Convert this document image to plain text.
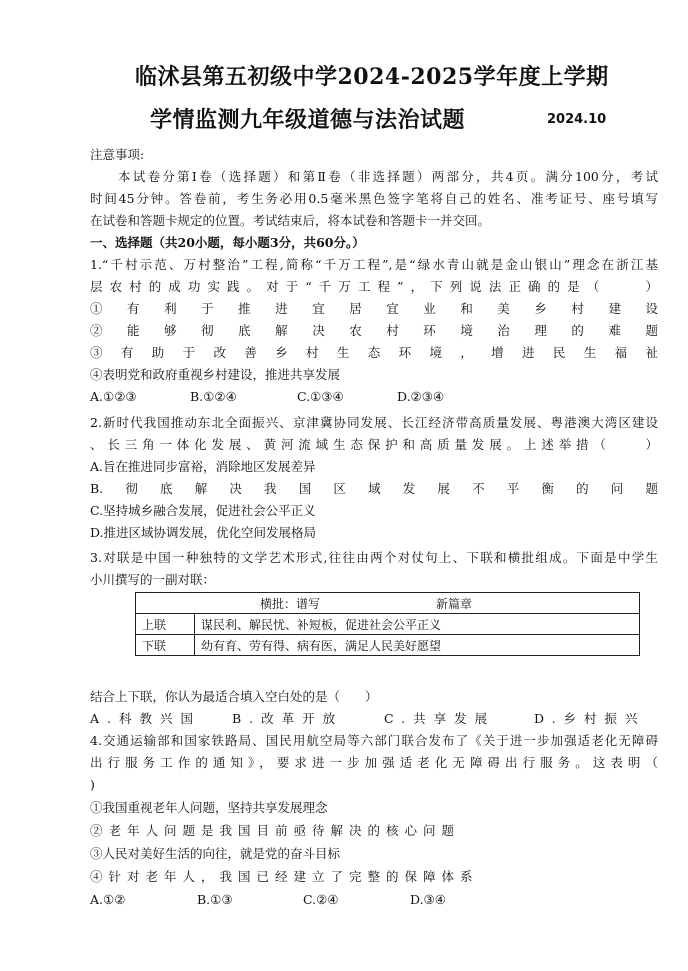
临沭县第五初级中学2024-2025学年度上学期
学情监测九年级道德与法治试题	2024.10
注意事项:
本试卷分第Ⅰ卷（选择题）和第Ⅱ卷（非选择题）两部分，共4页。满分100分，考试
时间45分钟。答卷前，考生务必用0.5毫米黑色签字笔将自己的姓名、准考证号、座号填写
在试卷和答题卡规定的位置。考试结束后，将本试卷和答题卡一并交回。
一、选择题（共20小题，每小题3分，共60分。）
1.“千村示范、万村整治”工程,简称“千万工程”,是“绿水青山就是金山银山”理念在浙江基
层农村的成功实践。对于“千万工程”，下列说法正确的是（　　）
①有利于推进宜居宜业和美乡村建设
②能够彻底解决农村环境治理的难题
③有助于改善乡村生态环境，增进民生福祉
④表明党和政府重视乡村建设，推进共享发展
A.①②③	B.①②④	C.①③④	D.②③④
2.新时代我国推动东北全面振兴、京津冀协同发展、长江经济带高质量发展、粤港澳大湾区建设
、长三角一体化发展、黄河流域生态保护和高质量发展。上述举措（　　）
A.旨在推进同步富裕，消除地区发展差异
B.彻底解决我国区域发展不平衡的问题
C.坚持城乡融合发展，促进社会公平正义
D.推进区域协调发展，优化空间发展格局
3.对联是中国一种独特的文学艺术形式,往往由两个对仗句上、下联和横批组成。下面是中学生
小川撰写的一副对联：
横批：谱写 新篇章	

上联	谋民利、解民忧、补短板，促进社会公平正义
下联	幼有育、劳有得、病有医，满足人民美好愿望
结合上下联，你认为最适合填入空白处的是（　　）
A.科教兴国 B.改革开放	C.共享发展	D.乡村振兴
4.交通运输部和国家铁路局、国民用航空局等六部门联合发布了《关于进一步加强适老化无障碍
出行服务工作的通知》，要求进一步加强适老化无障碍出行服务。这表明（
)
①我国重视老年人问题，坚持共享发展理念
②老年人问题是我国目前亟待解决的核心问题
③人民对美好生活的向往，就是党的奋斗目标
④针对老年人，我国已经建立了完整的保障体系
A.①②	B.①③	C.②④	D.③④
